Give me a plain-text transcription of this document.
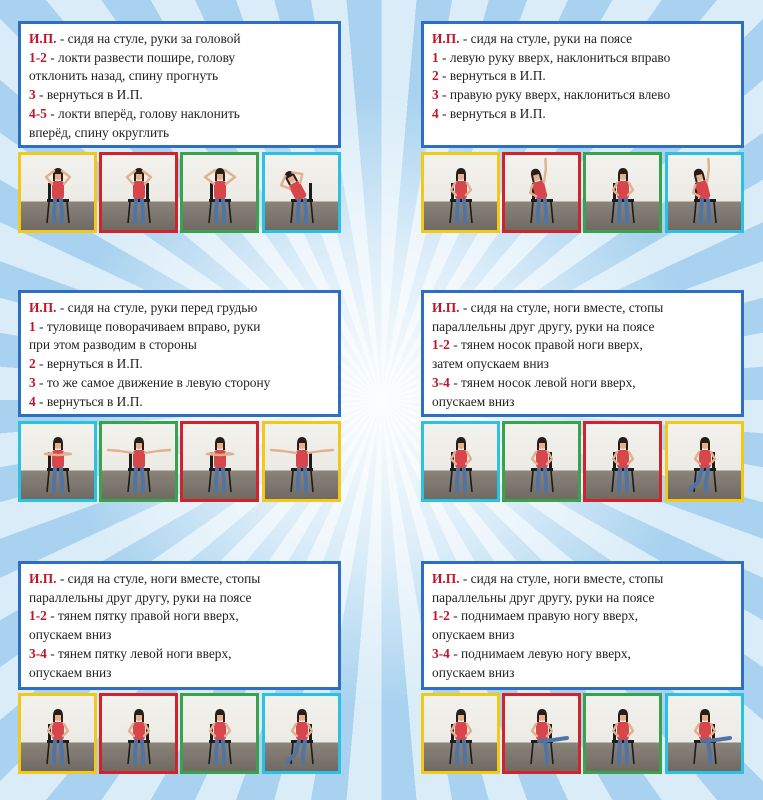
И.П. - сидя на стуле, руки за головой
1-2 - локти развести пошире, голову
отклонить назад, спину прогнуть
3 - вернуться в И.П.
4-5 - локти вперёд, голову наклонить
вперёд, спину округлить
И.П. - сидя на стуле, руки на поясе
1 - левую руку вверх, наклониться вправо
2 - вернуться в И.П.
3 - правую руку вверх, наклониться влево
4 - вернуться в И.П.
И.П. - сидя на стуле, руки перед грудью
1 - туловище поворачиваем вправо, руки
при этом разводим в стороны
2 - вернуться в И.П.
3 - то же самое движение в левую сторону
4 - вернуться в И.П.
И.П. - сидя на стуле, ноги вместе, стопы
параллельны друг другу, руки на поясе
1-2 - тянем носок правой ноги вверх,
затем опускаем вниз
3-4 - тянем носок левой ноги вверх,
опускаем вниз
И.П. - сидя на стуле, ноги вместе, стопы
параллельны друг другу, руки на поясе
1-2 - тянем пятку правой ноги вверх,
опускаем вниз
3-4 - тянем пятку левой ноги вверх,
опускаем вниз
И.П. - сидя на стуле, ноги вместе, стопы
параллельны друг другу, руки на поясе
1-2 - поднимаем правую ногу вверх,
опускаем вниз
3-4 - поднимаем левую ногу вверх,
опускаем вниз
